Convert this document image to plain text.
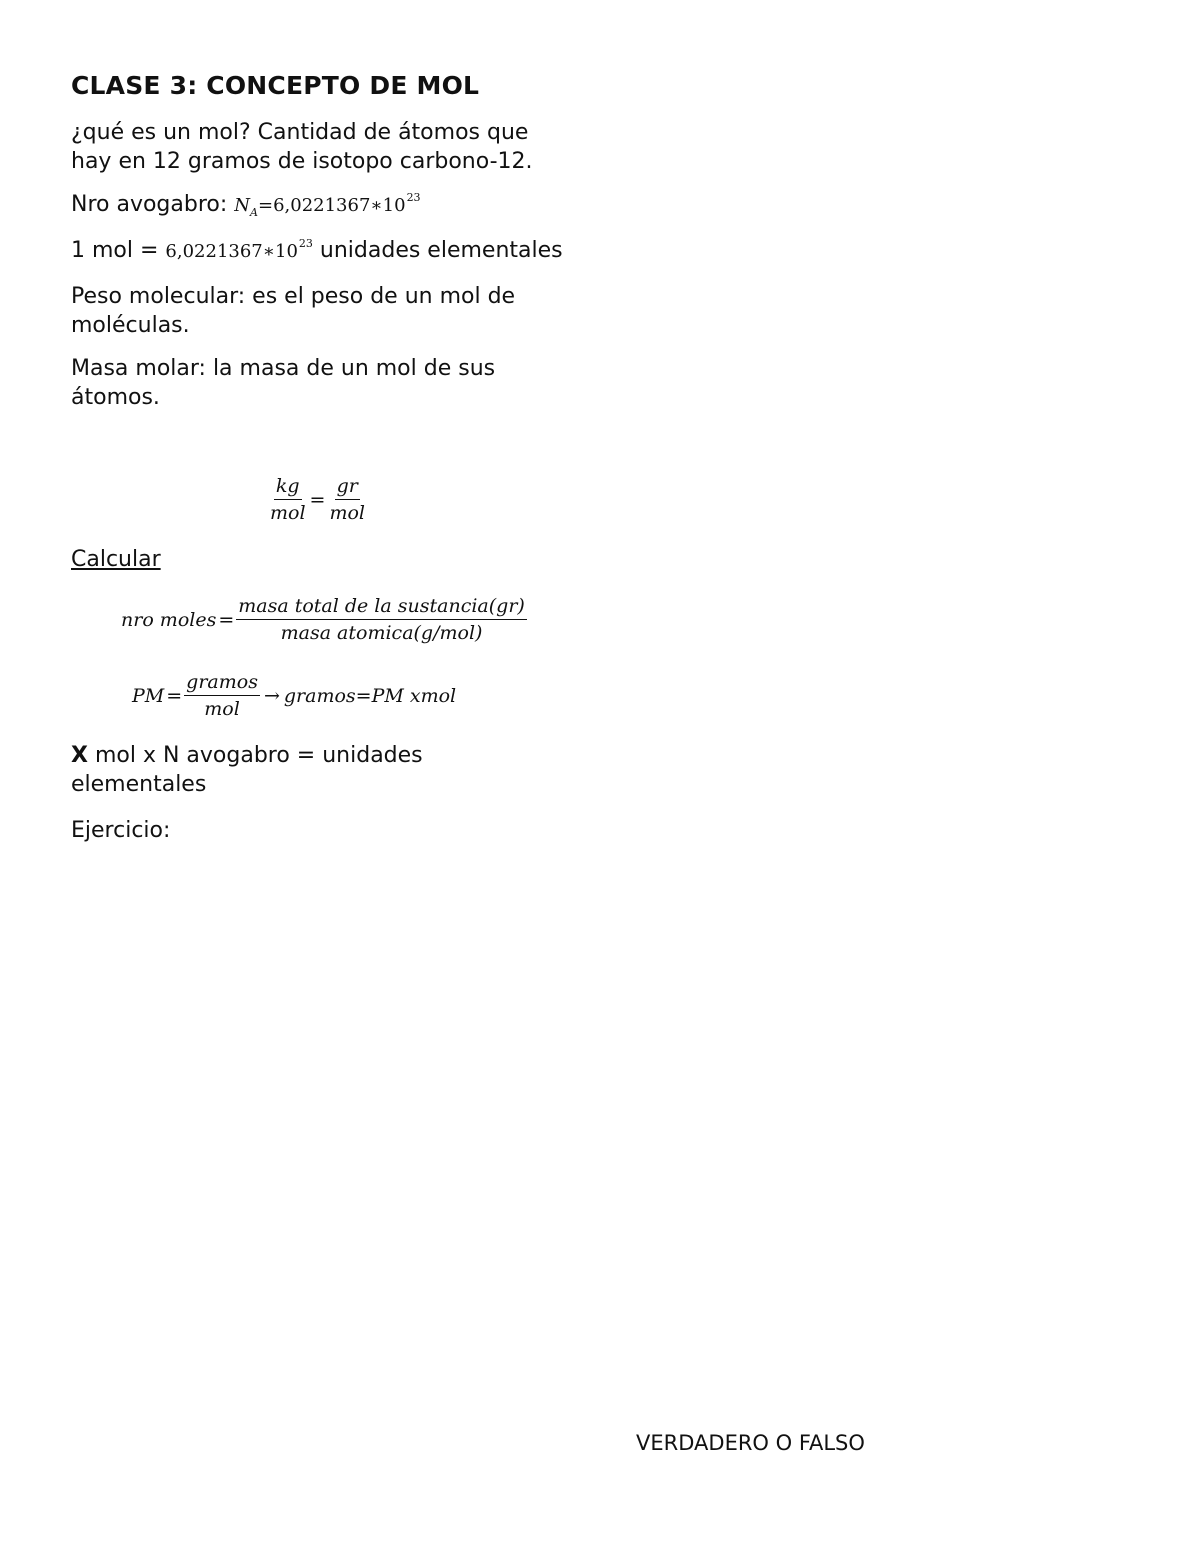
CLASE 3: CONCEPTO DE MOL
¿qué es un mol? Cantidad de átomos que hay en 12 gramos de isotopo carbono-12.
Nro avogabro: $N_A=6,0221367∗10^{23}$
1 mol = $6,0221367∗10^{23}$ unidades elementales
Peso molecular: es el peso de un mol de moléculas.
Masa molar: la masa de un mol de sus átomos.
$\frac{kg}{\text{mol}} = \frac{gr}{\text{mol}}$
Calcular
nro moles = $\frac{\text{masa total de la sustancia(gr)}}{\text{masa atomica(g/mol)}}$
PM = $\frac{\text{gramos}}{\text{mol}}$ → gramos=PM xmol
X mol x N avogabro = unidades elementales
Ejercicio:
VERDADERO O FALSO
